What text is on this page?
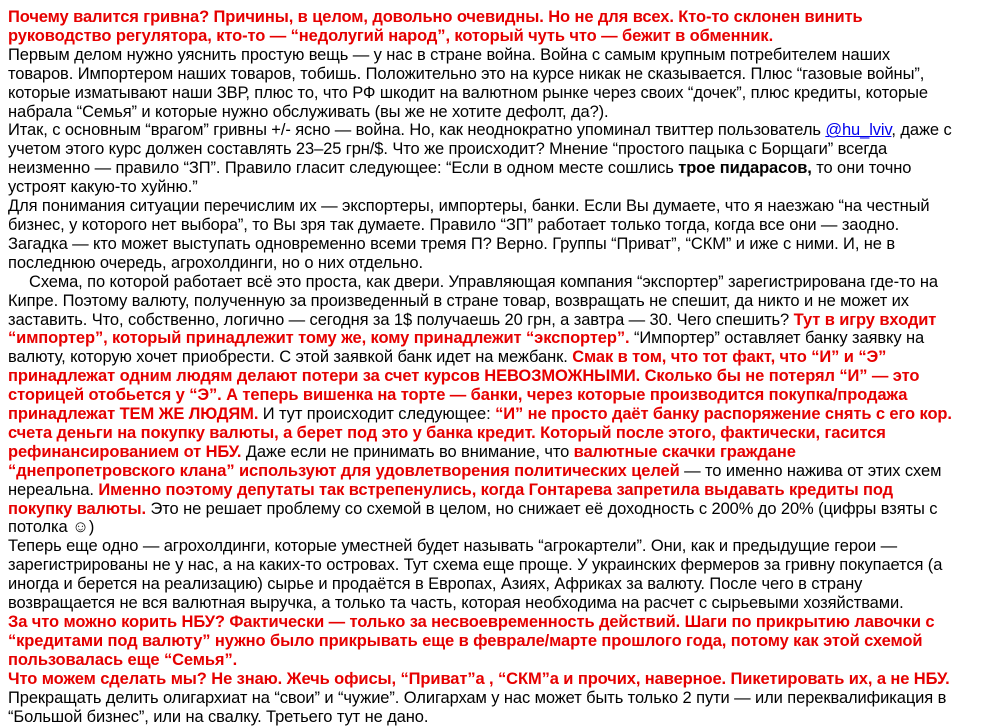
Почему валится гривна? Причины, в целом, довольно очевидны. Но не для всех. Кто-то склонен винить руководство регулятора, кто-то — “недолугий народ”, который чуть что — бежит в обменник.

Первым делом нужно уяснить простую вещь — у нас в стране война. Война с самым крупным потребителем наших товаров. Импортером наших товаров, тобишь. Положительно это на курсе никак не сказывается. Плюс “газовые войны”, которые изматывают наши ЗВР, плюс то, что РФ шкодит на валютном рынке через своих “дочек”, плюс кредиты, которые набрала “Семья” и которые нужно обслуживать (вы же не хотите дефолт, да?).

Итак, с основным “врагом” гривны +/- ясно — война. Но, как неоднократно упоминал твиттер пользователь @hu_lviv, даже с учетом этого курс должен составлять 23–25 грн/$. Что же происходит? Мнение “простого пацыка с Борщаги” всегда неизменно — правило “ЗП”. Правило гласит следующее: “Если в одном месте сошлись трое пидарасов, то они точно устроят какую-то хуйню.”

Для понимания ситуации перечислим их — экспортеры, импортеры, банки. Если Вы думаете, что я наезжаю “на честный бизнес, у которого нет выбора”, то Вы зря так думаете. Правило “ЗП” работает только тогда, когда все они — заодно. Загадка — кто может выступать одновременно всеми тремя П? Верно. Группы “Приват”, “СКМ” и иже с ними. И, не в последнюю очередь, агрохолдинги, но о них отдельно.

Схема, по которой работает всё это проста, как двери. Управляющая компания “экспортер” зарегистрирована где-то на Кипре. Поэтому валюту, полученную за произведенный в стране товар, возвращать не спешит, да никто и не может их заставить. Что, собственно, логично — сегодня за 1$ получаешь 20 грн, а завтра — 30. Чего спешить? Тут в игру входит “импортер”, который принадлежит тому же, кому принадлежит “экспортер”. “Импортер” оставляет банку заявку на валюту, которую хочет приобрести. С этой заявкой банк идет на межбанк. Смак в том, что тот факт, что “И” и “Э” принадлежат одним людям делают потери за счет курсов НЕВОЗМОЖНЫМИ. Сколько бы не потерял “И” — это сторицей отобьется у “Э”. А теперь вишенка на торте — банки, через которые производится покупка/продажа принадлежат ТЕМ ЖЕ ЛЮДЯМ. И тут происходит следующее: “И” не просто даёт банку распоряжение снять с его кор. счета деньги на покупку валюты, а берет под это у банка кредит. Который после этого, фактически, гасится рефинансированием от НБУ. Даже если не принимать во внимание, что валютные скачки граждане “днепропетровского клана” используют для удовлетворения политических целей — то именно нажива от этих схем нереальна. Именно поэтому депутаты так встрепенулись, когда Гонтарева запретила выдавать кредиты под покупку валюты. Это не решает проблему со схемой в целом, но снижает её доходность с 200% до 20% (цифры взяты с потолка ☺)

Теперь еще одно — агрохолдинги, которые уместней будет называть “агрокартели”. Они, как и предыдущие герои — зарегистрированы не у нас, а на каких-то островах. Тут схема еще проще. У украинских фермеров за гривну покупается (а иногда и берется на реализацию) сырье и продаётся в Европах, Азиях, Африках за валюту. После чего в страну возвращается не вся валютная выручка, а только та часть, которая необходима на расчет с сырьевыми хозяйствами.

За что можно корить НБУ? Фактически — только за несвоевременность действий. Шаги по прикрытию лавочки с “кредитами под валюту” нужно было прикрывать еще в феврале/марте прошлого года, потому как этой схемой пользовалась еще “Семья”.

Что можем сделать мы? Не знаю. Жечь офисы, “Приват”а , “СКМ”а и прочих, наверное. Пикетировать их, а не НБУ.

Прекращать делить олигархиат на “свои” и “чужие”. Олигархам у нас может быть только 2 пути — или переквалификация в “Большой бизнес”, или на свалку. Третьего тут не дано.
